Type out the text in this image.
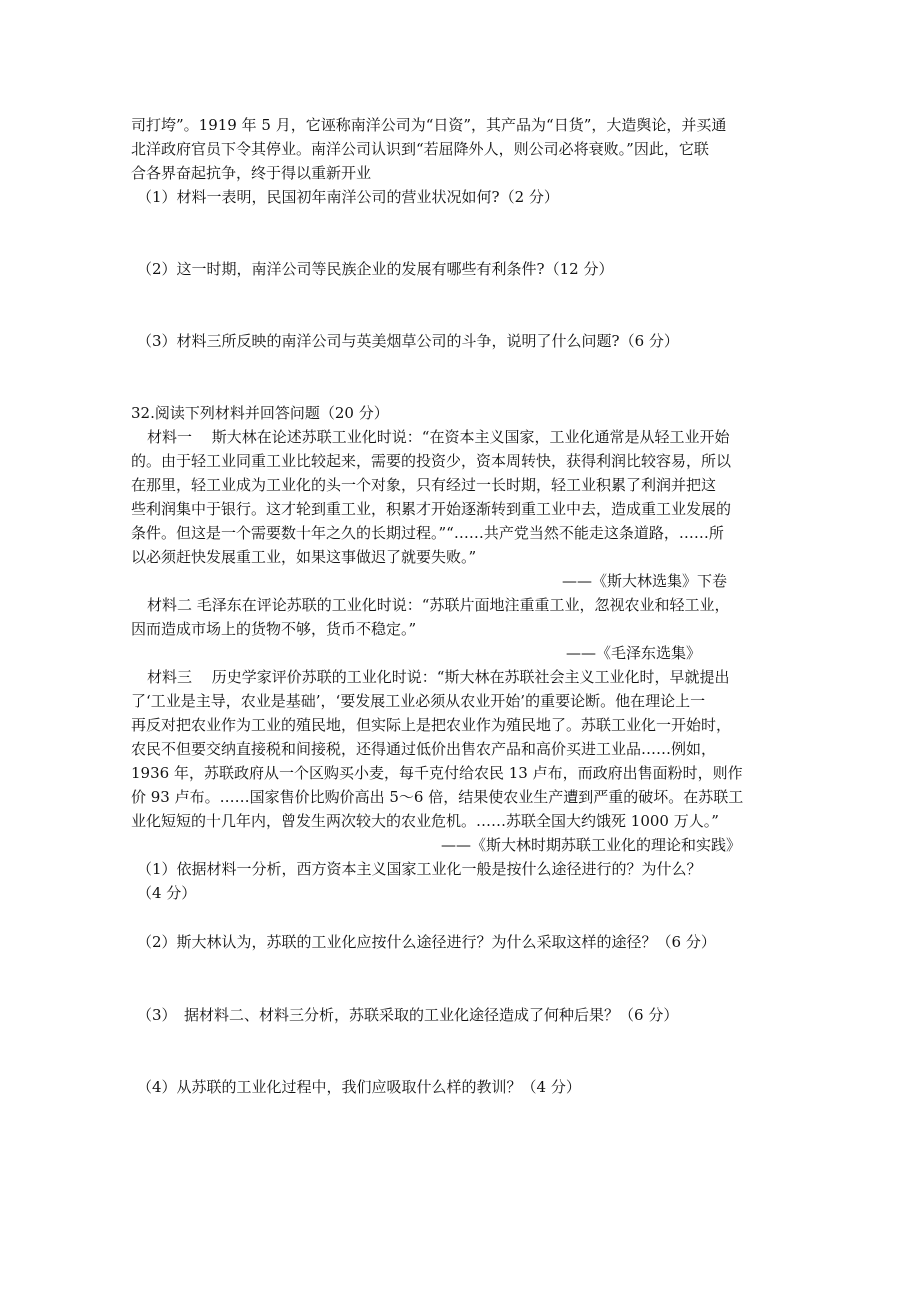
司打垮”。1919 年 5 月，它诬称南洋公司为“日资”，其产品为“日货”，大造舆论，并买通
北洋政府官员下令其停业。南洋公司认识到“若屈降外人，则公司必将衰败。”因此，它联
合各界奋起抗争，终于得以重新开业
（1）材料一表明，民国初年南洋公司的营业状况如何?（2 分）
（2）这一时期，南洋公司等民族企业的发展有哪些有利条件?（12 分）
（3）材料三所反映的南洋公司与英美烟草公司的斗争，说明了什么问题?（6 分）
32.阅读下列材料并回答问题（20 分）
材料一　 斯大林在论述苏联工业化时说：“在资本主义国家，工业化通常是从轻工业开始
的。由于轻工业同重工业比较起来，需要的投资少，资本周转快，获得利润比较容易，所以
在那里，轻工业成为工业化的头一个对象，只有经过一长时期，轻工业积累了利润并把这
些利润集中于银行。这才轮到重工业，积累才开始逐渐转到重工业中去，造成重工业发展的
条件。但这是一个需要数十年之久的长期过程。”“……共产党当然不能走这条道路，……所
以必须赶快发展重工业，如果这事做迟了就要失败。”
——《斯大林选集》下卷
材料二 毛泽东在评论苏联的工业化时说：“苏联片面地注重重工业，忽视农业和轻工业，
因而造成市场上的货物不够，货币不稳定。”
——《毛泽东选集》
材料三　 历史学家评价苏联的工业化时说：“斯大林在苏联社会主义工业化时，早就提出
了‘工业是主导，农业是基础’，‘要发展工业必须从农业开始’的重要论断。他在理论上一
再反对把农业作为工业的殖民地，但实际上是把农业作为殖民地了。苏联工业化一开始时，
农民不但要交纳直接税和间接税，还得通过低价出售农产品和高价买进工业品……例如，
1936 年，苏联政府从一个区购买小麦，每千克付给农民 13 卢布，而政府出售面粉时，则作
价 93 卢布。……国家售价比购价高出 5～6 倍，结果使农业生产遭到严重的破坏。在苏联工
业化短短的十几年内，曾发生两次较大的农业危机。……苏联全国大约饿死 1000 万人。”
——《斯大林时期苏联工业化的理论和实践》
（1）依据材料一分析，西方资本主义国家工业化一般是按什么途径进行的？为什么？
（4 分）
（2）斯大林认为，苏联的工业化应按什么途径进行？为什么采取这样的途径？（6 分）
（3）　据材料二、材料三分析，苏联采取的工业化途径造成了何种后果？（6 分）
（4）从苏联的工业化过程中，我们应吸取什么样的教训？（4 分）
